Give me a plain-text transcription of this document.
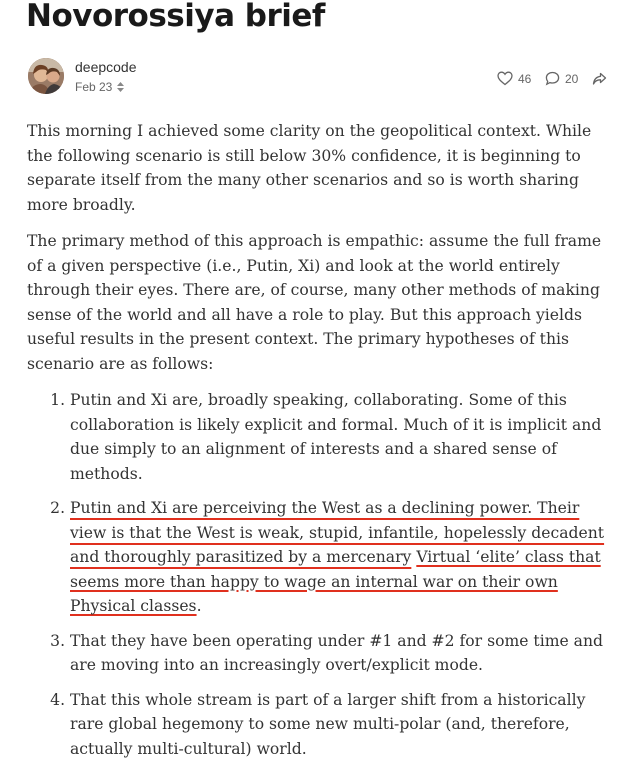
Novorossiya brief
deepcode
Feb 23
46	20

This morning I achieved some clarity on the geopolitical context. While the following scenario is still below 30% confidence, it is beginning to separate itself from the many other scenarios and so is worth sharing more broadly.

The primary method of this approach is empathic: assume the full frame of a given perspective (i.e., Putin, Xi) and look at the world entirely through their eyes. There are, of course, many other methods of making sense of the world and all have a role to play. But this approach yields useful results in the present context. The primary hypotheses of this scenario are as follows:

1. Putin and Xi are, broadly speaking, collaborating. Some of this collaboration is likely explicit and formal. Much of it is implicit and due simply to an alignment of interests and a shared sense of methods.
2. Putin and Xi are perceiving the West as a declining power. Their view is that the West is weak, stupid, infantile, hopelessly decadent and thoroughly parasitized by a mercenary Virtual ‘elite’ class that seems more than happy to wage an internal war on their own Physical classes.
3. That they have been operating under #1 and #2 for some time and are moving into an increasingly overt/explicit mode.
4. That this whole stream is part of a larger shift from a historically rare global hegemony to some new multi-polar (and, therefore, actually multi-cultural) world.
